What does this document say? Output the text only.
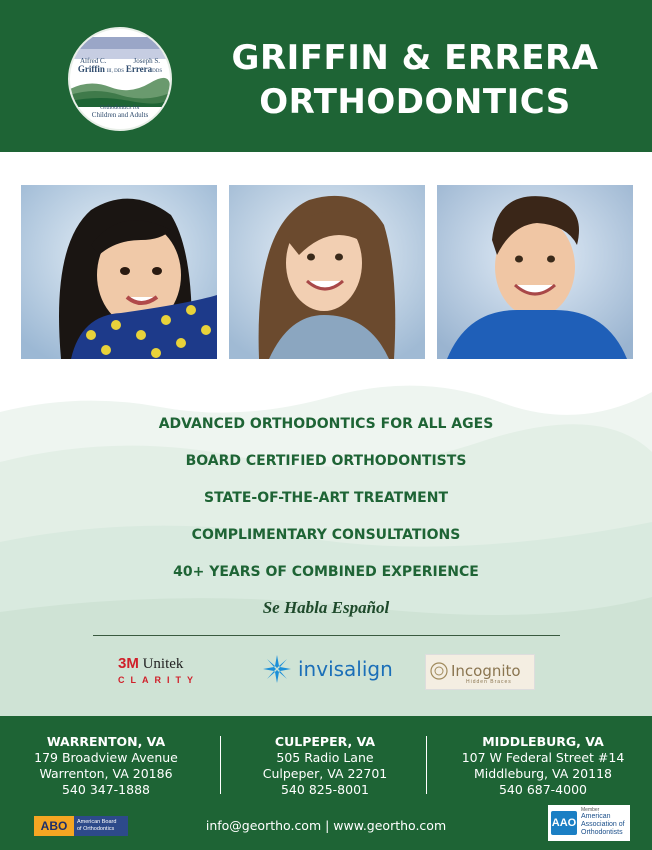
Alfred C.	Joseph S.
Griffin III, DDS ErreraDDS
Orthodontics for
Children and Adults
GRIFFIN & ERRERA
ORTHODONTICS
ADVANCED ORTHODONTICS FOR ALL AGES
BOARD CERTIFIED ORTHODONTISTS
STATE-OF-THE-ART TREATMENT
COMPLIMENTARY CONSULTATIONS
40+ YEARS OF COMBINED EXPERIENCE
Se Habla Español
3M Unitek
CLARITY	invisalign	Incognito
Hidden Braces
WARRENTON, VA
179 Broadview Avenue
Warrenton, VA 20186
540 347-1888
CULPEPER, VA
505 Radio Lane
Culpeper, VA 22701
540 825-8001
MIDDLEBURG, VA
107 W Federal Street #14
Middleburg, VA 20118
540 687-4000
info@geortho.com | www.geortho.com
ABO	American Board
of Orthodontics
Member
AAO
American Association of Orthodontists
